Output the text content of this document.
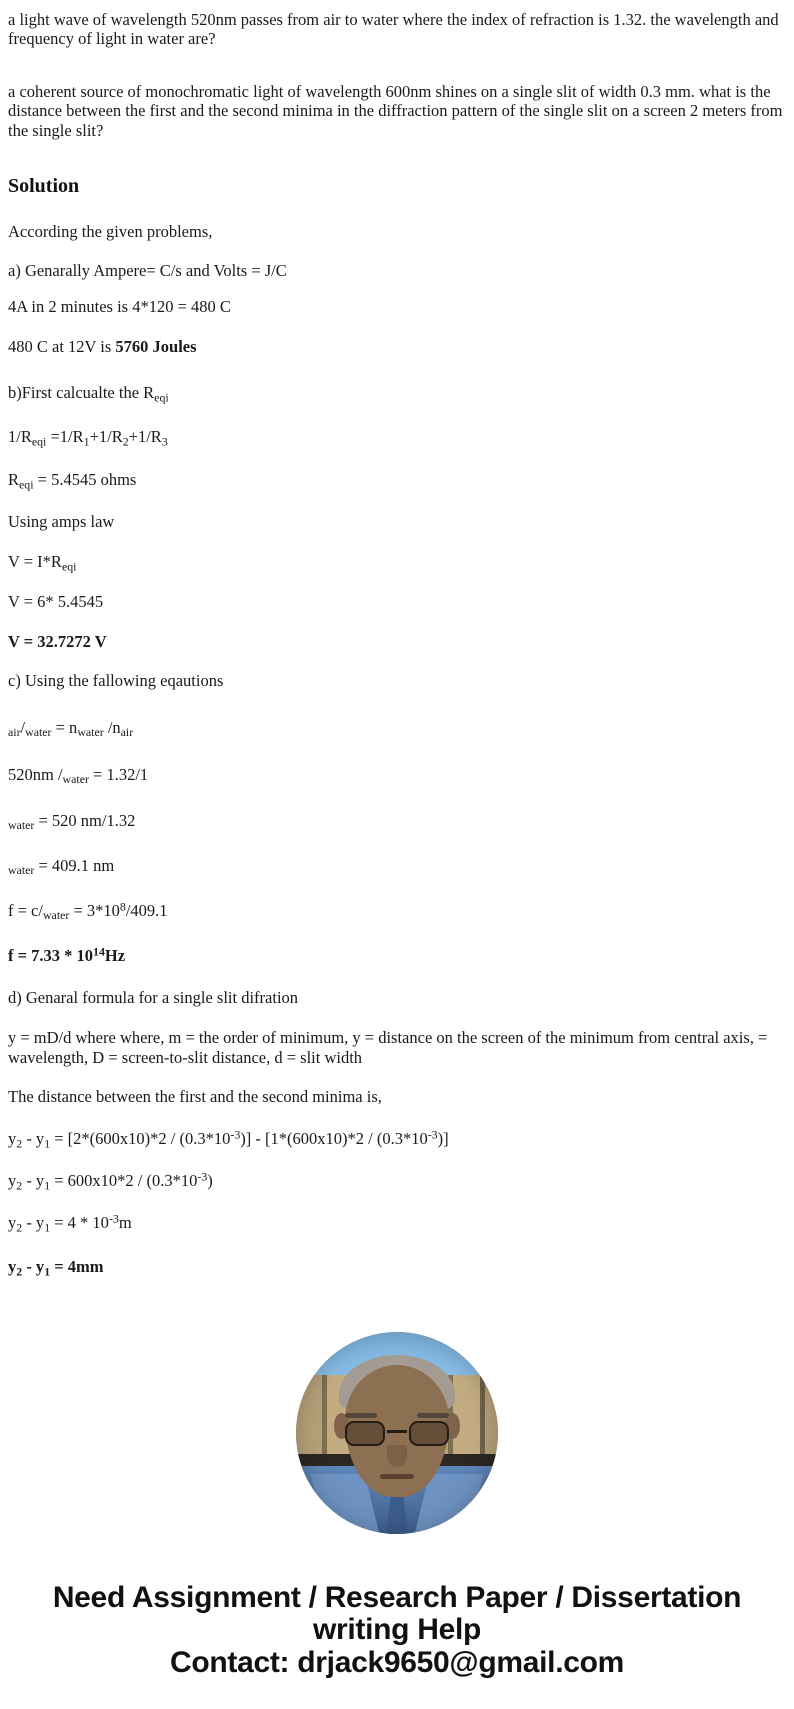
a light wave of wavelength 520nm passes from air to water where the index of refraction is 1.32. the wavelength and frequency of light in water are?

a coherent source of monochromatic light of wavelength 600nm shines on a single slit of width 0.3 mm. what is the distance between the first and the second minima in the diffraction pattern of the single slit on a screen 2 meters from the single slit?

Solution

According the given problems,

a) Genarally Ampere= C/s and Volts = J/C

4A in 2 minutes is 4*120 = 480 C

480 C at 12V is 5760 Joules

b)First calcualte the $R_{eqi}$

$1/R_{eqi} =1/R_1+1/R_2+1/R_3$

$R_{eqi} = 5.4545$ ohms

Using amps law

$V = I*R_{eqi}$

V = 6* 5.4545

V = 32.7272 V

c) Using the fallowing eqautions

$_{air}/_{water} = n_{water}$ $/n_{air}$

520nm $/_{water} = 1.32/1$

$_{water}$ = 520 nm/1.32

$_{water}$ = 409.1 nm

$f = c/_{water} = 3*10^8/409.1$

$f = 7.33 * 10^{14}Hz$

d) Genaral formula for a single slit difration

y = mD/d where where, m = the order of minimum, y = distance on the screen of the minimum from central axis, = wavelength, D = screen-to-slit distance, d = slit width

The distance between the first and the second minima is,

$y_2 - y_1 = [2*(600x10)*2 / (0.3*10^{-3})] - [1*(600x10)*2 / (0.3*10^{-3})]$

$y_2 - y_1 = 600x10*2 / (0.3*10^{-3})$

$y_2 - y_1 = 4 * 10^{-3}m$

$y_2 - y_1 = 4mm$

Need Assignment / Research Paper / Dissertation
writing Help
Contact: drjack9650@gmail.com
